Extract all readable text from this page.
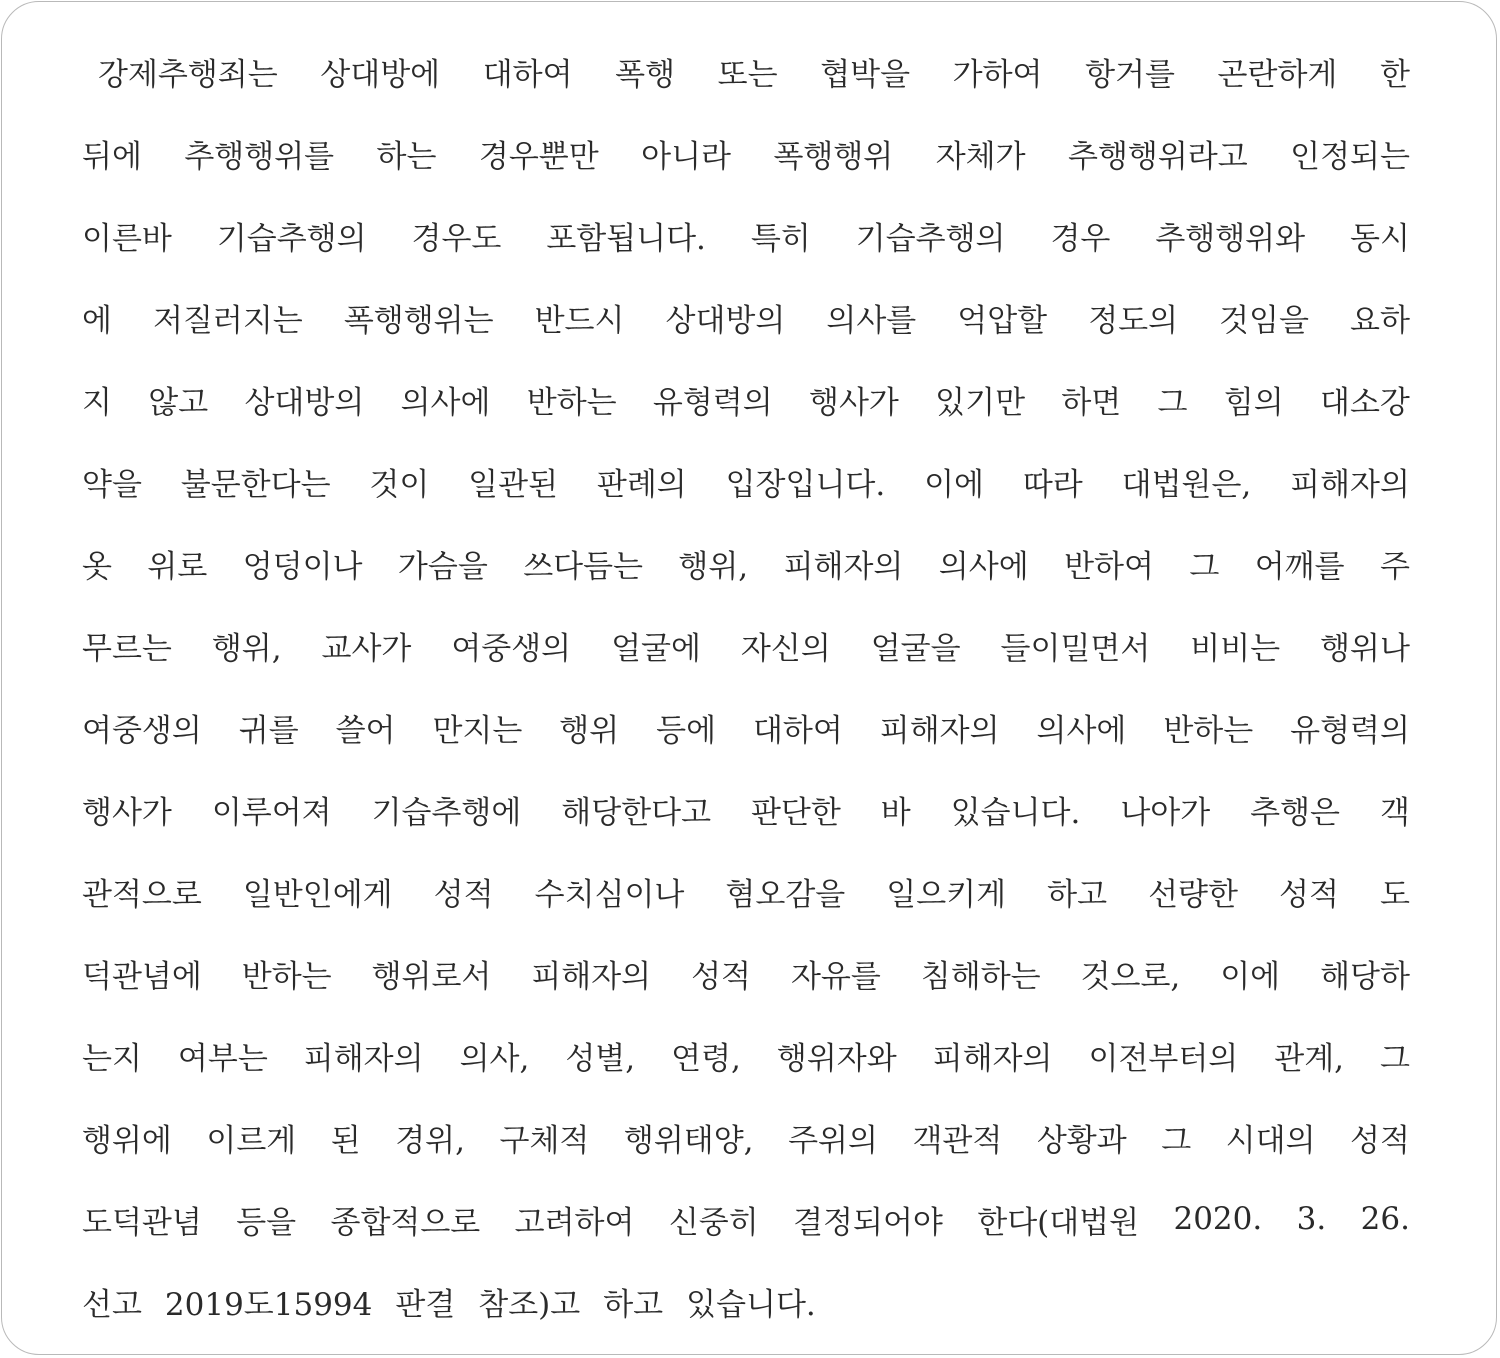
강제추행죄는 상대방에 대하여 폭행 또는 협박을 가하여 항거를 곤란하게 한
뒤에 추행행위를 하는 경우뿐만 아니라 폭행행위 자체가 추행행위라고 인정되는
이른바 기습추행의 경우도 포함됩니다. 특히 기습추행의 경우 추행행위와 동시
에 저질러지는 폭행행위는 반드시 상대방의 의사를 억압할 정도의 것임을 요하
지 않고 상대방의 의사에 반하는 유형력의 행사가 있기만 하면 그 힘의 대소강
약을 불문한다는 것이 일관된 판례의 입장입니다. 이에 따라 대법원은, 피해자의
옷 위로 엉덩이나 가슴을 쓰다듬는 행위, 피해자의 의사에 반하여 그 어깨를 주
무르는 행위, 교사가 여중생의 얼굴에 자신의 얼굴을 들이밀면서 비비는 행위나
여중생의 귀를 쓸어 만지는 행위 등에 대하여 피해자의 의사에 반하는 유형력의
행사가 이루어져 기습추행에 해당한다고 판단한 바 있습니다. 나아가 추행은 객
관적으로 일반인에게 성적 수치심이나 혐오감을 일으키게 하고 선량한 성적 도
덕관념에 반하는 행위로서 피해자의 성적 자유를 침해하는 것으로, 이에 해당하
는지 여부는 피해자의 의사, 성별, 연령, 행위자와 피해자의 이전부터의 관계, 그
행위에 이르게 된 경위, 구체적 행위태양, 주위의 객관적 상황과 그 시대의 성적
도덕관념 등을 종합적으로 고려하여 신중히 결정되어야 한다(대법원 2020. 3. 26.
선고 2019도15994 판결 참조)고 하고 있습니다.
